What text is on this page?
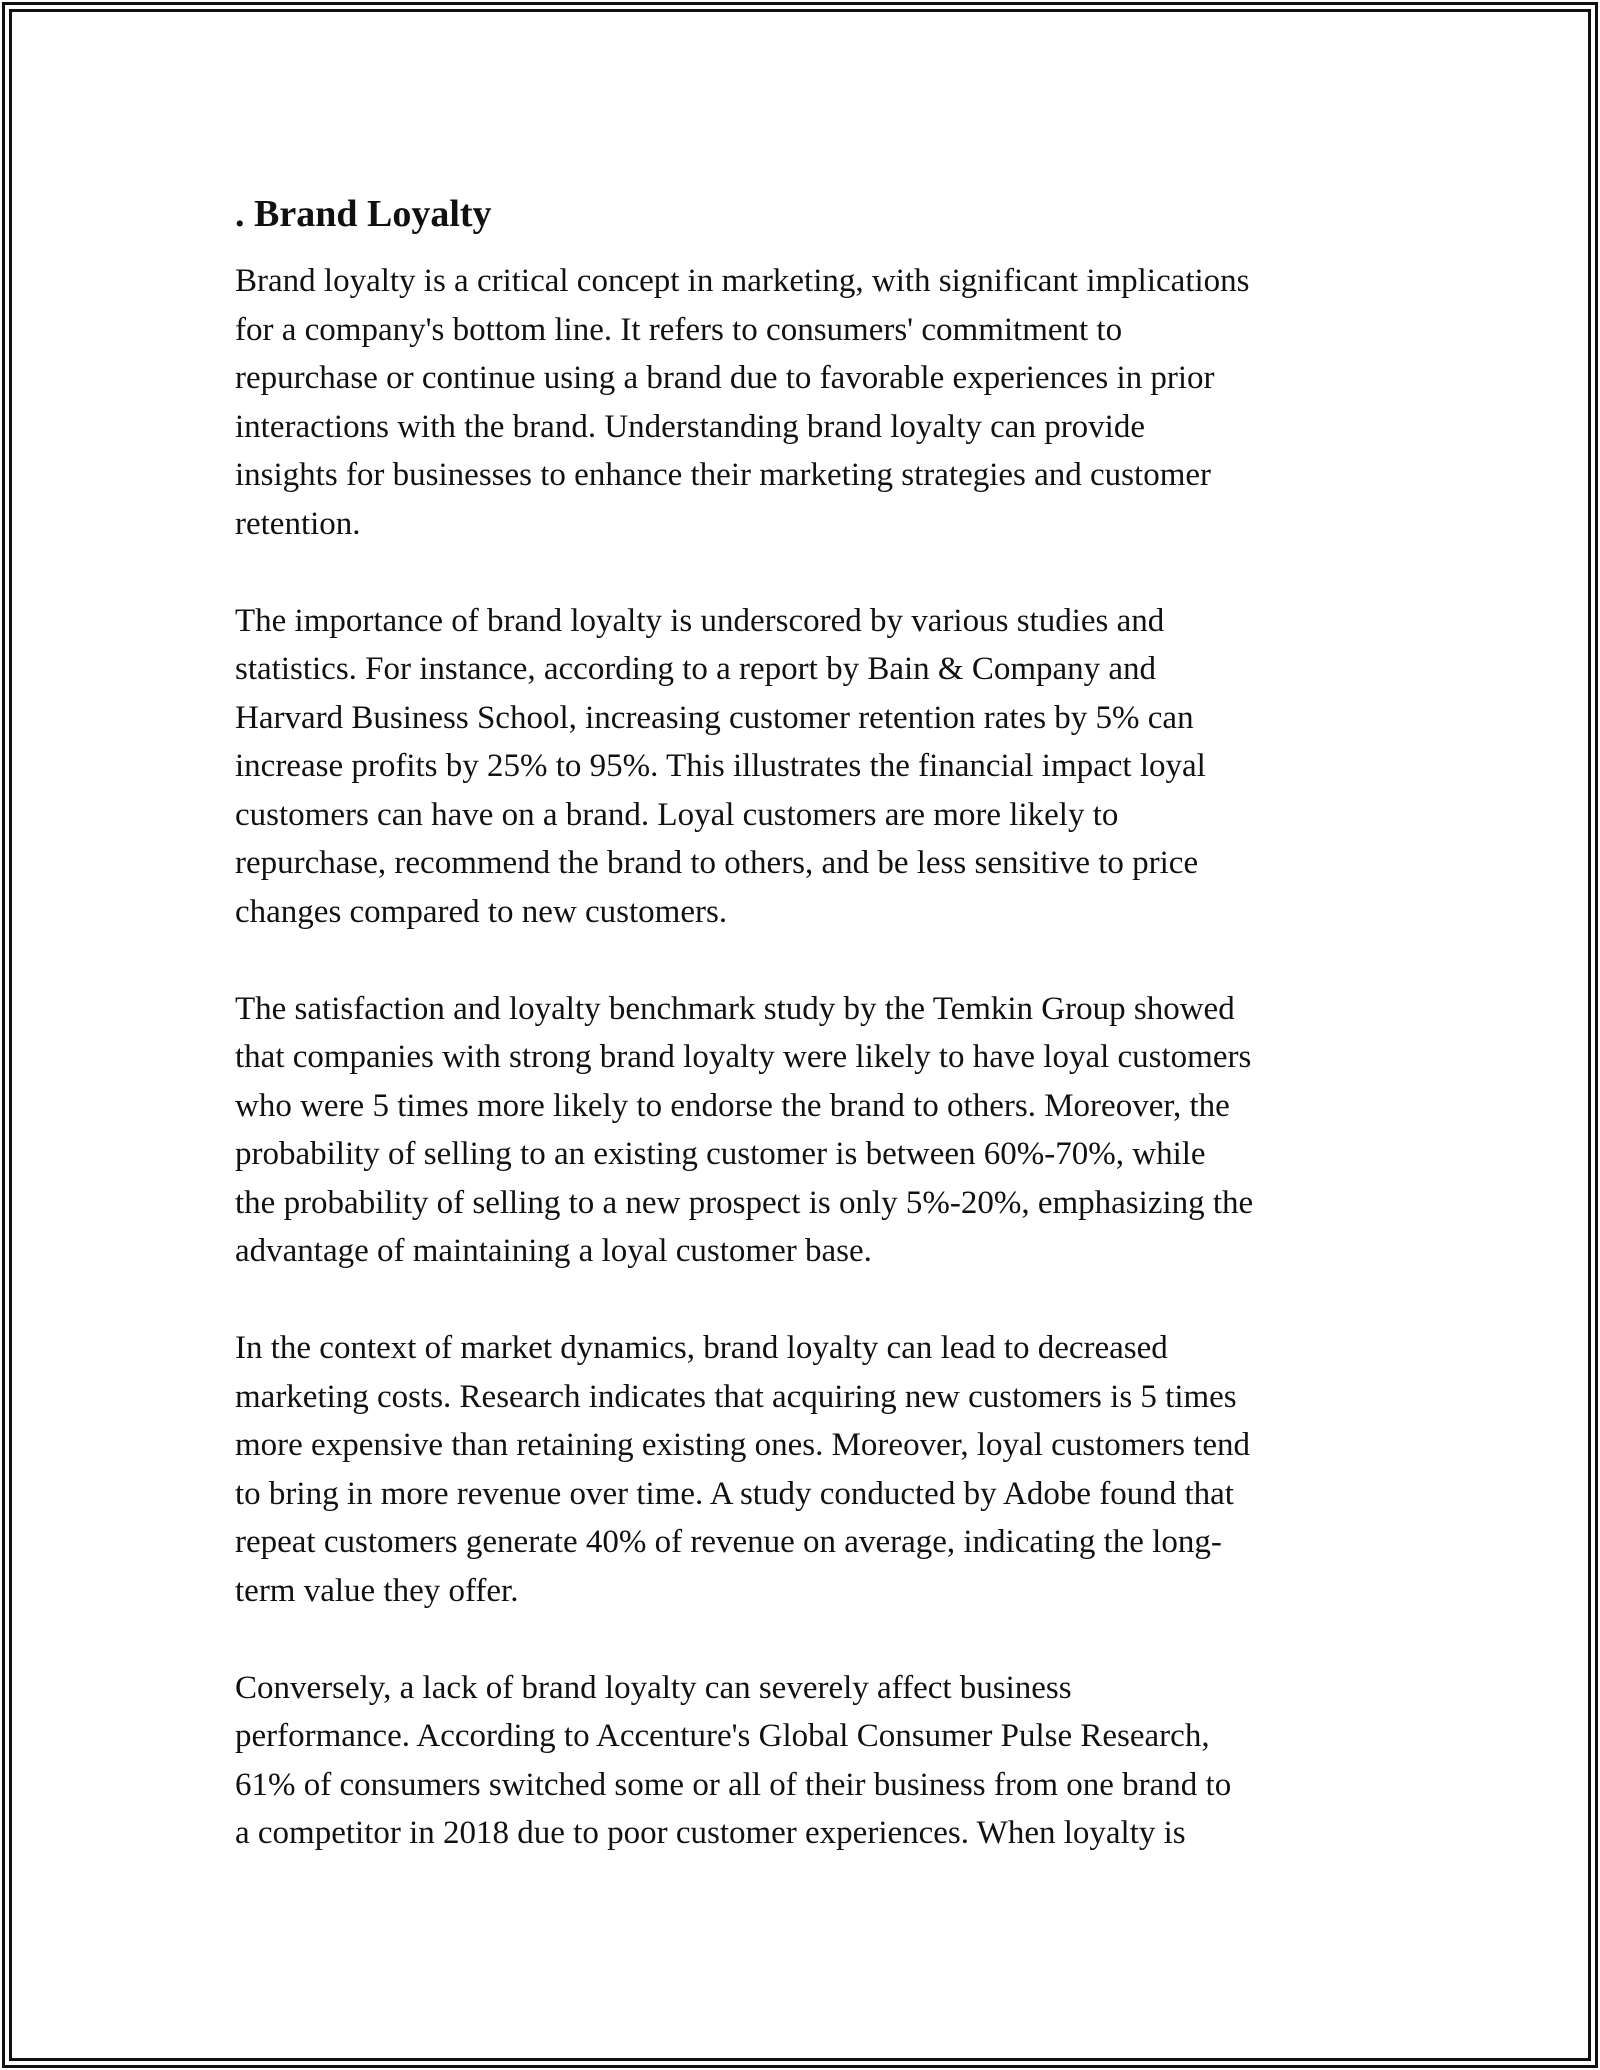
. Brand Loyalty
Brand loyalty is a critical concept in marketing, with significant implications
for a company's bottom line. It refers to consumers' commitment to
repurchase or continue using a brand due to favorable experiences in prior
interactions with the brand. Understanding brand loyalty can provide
insights for businesses to enhance their marketing strategies and customer
retention.
The importance of brand loyalty is underscored by various studies and
statistics. For instance, according to a report by Bain & Company and
Harvard Business School, increasing customer retention rates by 5% can
increase profits by 25% to 95%. This illustrates the financial impact loyal
customers can have on a brand. Loyal customers are more likely to
repurchase, recommend the brand to others, and be less sensitive to price
changes compared to new customers.
The satisfaction and loyalty benchmark study by the Temkin Group showed
that companies with strong brand loyalty were likely to have loyal customers
who were 5 times more likely to endorse the brand to others. Moreover, the
probability of selling to an existing customer is between 60%-70%, while
the probability of selling to a new prospect is only 5%-20%, emphasizing the
advantage of maintaining a loyal customer base.
In the context of market dynamics, brand loyalty can lead to decreased
marketing costs. Research indicates that acquiring new customers is 5 times
more expensive than retaining existing ones. Moreover, loyal customers tend
to bring in more revenue over time. A study conducted by Adobe found that
repeat customers generate 40% of revenue on average, indicating the long-
term value they offer.
Conversely, a lack of brand loyalty can severely affect business
performance. According to Accenture's Global Consumer Pulse Research,
61% of consumers switched some or all of their business from one brand to
a competitor in 2018 due to poor customer experiences. When loyalty is
